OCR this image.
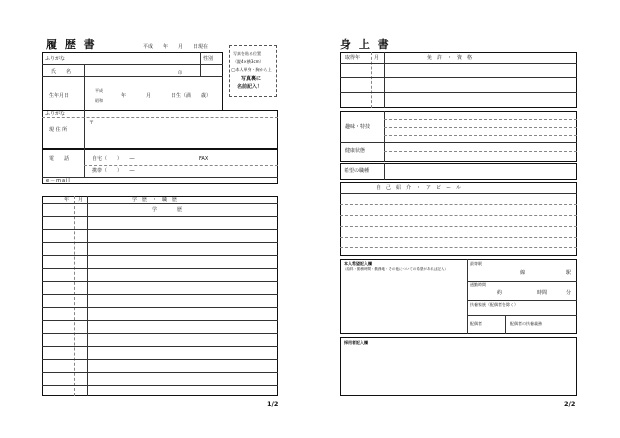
履 歴 書	平成　　年　　月　　日現在
ふりがな	性別
氏　　名	印
生年月日
平成
昭和
年　　　　月　　　　日生（満　　歳）
写真を貼る位置
（縦4×横3cm）
◯本人単身・胸から上
写真裏に
名前記入！
ふりがな
現 住 所
〒
電　　話	自宅（　　）　　―	FAX
携帯（　　）　　―
e－mail
年 月	学　歴　・　職　歴
学　　　　歴
1/2
身 上 書
取得年	月	免　許　・　資　格
趣味・特技
健康状態
希望の職種
自　己　紹　介　・　ア　ピ　ー　ル
本人希望記入欄
（給料・勤務時間・勤務地・その他についての希望があれば記入）
最寄駅
線	駅
通勤時間
約	時間	分
扶養家族（配偶者を除く）
配偶者	配偶者の扶養義務
採用者記入欄
2/2
